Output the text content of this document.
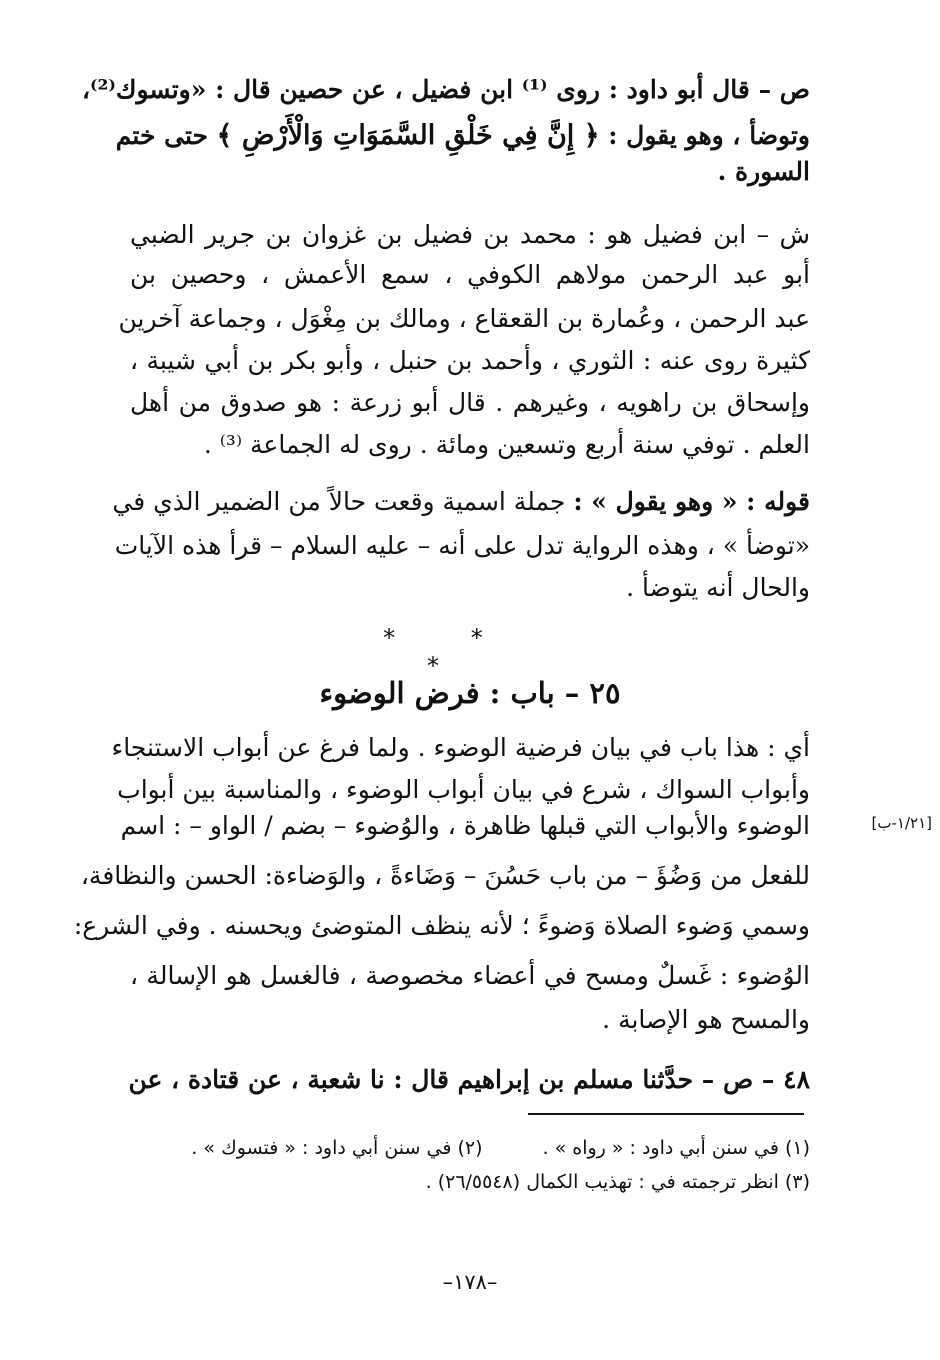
ص – قال أبو داود : روى ⁽¹⁾ ابن فضيل ، عن حصين قال : «وتسوك⁽²⁾،
وتوضأ ، وهو يقول : ﴿ إِنَّ فِي خَلْقِ السَّمَوَاتِ وَالْأَرْضِ ﴾ حتى ختم
السورة .
ش – ابن فضيل هو : محمد بن فضيل بن غزوان بن جرير الضبي
أبو عبد الرحمن مولاهم الكوفي ، سمع الأعمش ، وحصين بن
عبد الرحمن ، وعُمارة بن القعقاع ، ومالك بن مِغْوَل ، وجماعة آخرين
كثيرة روى عنه : الثوري ، وأحمد بن حنبل ، وأبو بكر بن أبي شيبة ،
وإسحاق بن راهويه ، وغيرهم . قال أبو زرعة : هو صدوق من أهل
العلم . توفي سنة أربع وتسعين ومائة . روى له الجماعة ⁽³⁾ .
قوله : « وهو يقول » : جملة اسمية وقعت حالاً من الضمير الذي في
«توضأ » ، وهذه الرواية تدل على أنه – عليه السلام – قرأ هذه الآيات
والحال أنه يتوضأ .
* * *
٢٥ – باب : فرض الوضوء
أي : هذا باب في بيان فرضية الوضوء . ولما فرغ عن أبواب الاستنجاء
وأبواب السواك ، شرع في بيان أبواب الوضوء ، والمناسبة بين أبواب
الوضوء والأبواب التي قبلها ظاهرة ، والوُضوء – بضم / الواو – : اسم
للفعل من وَضُؤَ – من باب حَسُنَ – وَضَاءةً ، والوَضاءة: الحسن والنظافة،
وسمي وَضوء الصلاة وَضوءً ؛ لأنه ينظف المتوضئ ويحسنه . وفي الشرع:
الوُضوء : غَسلٌ ومسح في أعضاء مخصوصة ، فالغسل هو الإسالة ،
والمسح هو الإصابة .
[١/٢١-ب]
٤٨ – ص – حدَّثنا مسلم بن إبراهيم قال : نا شعبة ، عن قتادة ، عن
(١) في سنن أبي داود : « رواه » .(٢) في سنن أبي داود : « فتسوك » .
(٣) انظر ترجمته في : تهذيب الكمال (٢٦/٥٥٤٨) .
–١٧٨–
